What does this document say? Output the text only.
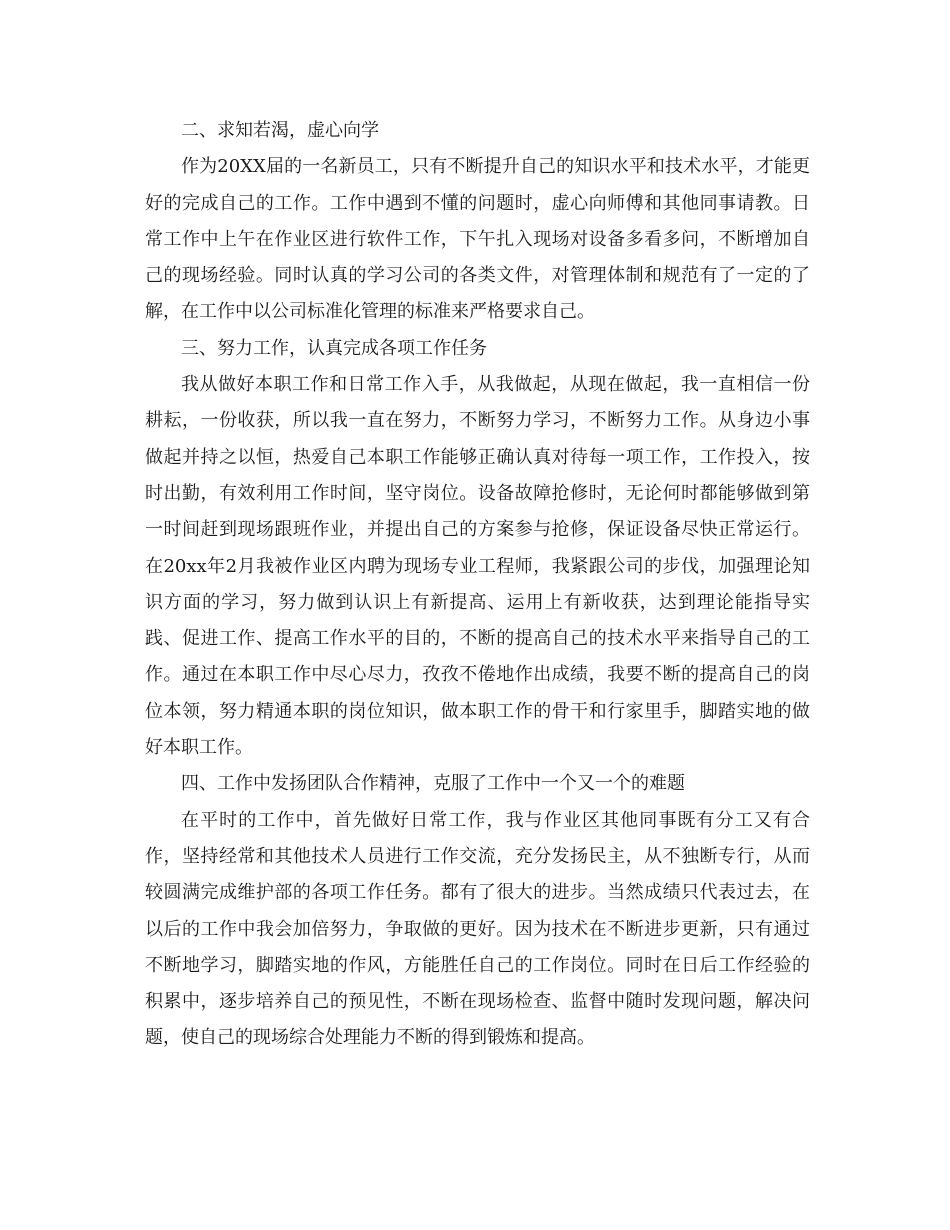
二、求知若渴，虚心向学

作为20XX届的一名新员工，只有不断提升自己的知识水平和技术水平，才能更好的完成自己的工作。工作中遇到不懂的问题时，虚心向师傅和其他同事请教。日常工作中上午在作业区进行软件工作，下午扎入现场对设备多看多问，不断增加自己的现场经验。同时认真的学习公司的各类文件，对管理体制和规范有了一定的了解，在工作中以公司标准化管理的标准来严格要求自己。

三、努力工作，认真完成各项工作任务

我从做好本职工作和日常工作入手，从我做起，从现在做起，我一直相信一份耕耘，一份收获，所以我一直在努力，不断努力学习，不断努力工作。从身边小事做起并持之以恒，热爱自己本职工作能够正确认真对待每一项工作，工作投入，按时出勤，有效利用工作时间，坚守岗位。设备故障抢修时，无论何时都能够做到第一时间赶到现场跟班作业，并提出自己的方案参与抢修，保证设备尽快正常运行。在20xx年2月我被作业区内聘为现场专业工程师，我紧跟公司的步伐，加强理论知识方面的学习，努力做到认识上有新提高、运用上有新收获，达到理论能指导实践、促进工作、提高工作水平的目的，不断的提高自己的技术水平来指导自己的工作。通过在本职工作中尽心尽力，孜孜不倦地作出成绩，我要不断的提高自己的岗位本领，努力精通本职的岗位知识，做本职工作的骨干和行家里手，脚踏实地的做好本职工作。

四、工作中发扬团队合作精神，克服了工作中一个又一个的难题

在平时的工作中，首先做好日常工作，我与作业区其他同事既有分工又有合作，坚持经常和其他技术人员进行工作交流，充分发扬民主，从不独断专行，从而较圆满完成维护部的各项工作任务。都有了很大的进步。当然成绩只代表过去，在以后的工作中我会加倍努力，争取做的更好。因为技术在不断进步更新，只有通过不断地学习，脚踏实地的作风，方能胜任自己的工作岗位。同时在日后工作经验的积累中，逐步培养自己的预见性，不断在现场检查、监督中随时发现问题，解决问题，使自己的现场综合处理能力不断的得到锻炼和提高。
